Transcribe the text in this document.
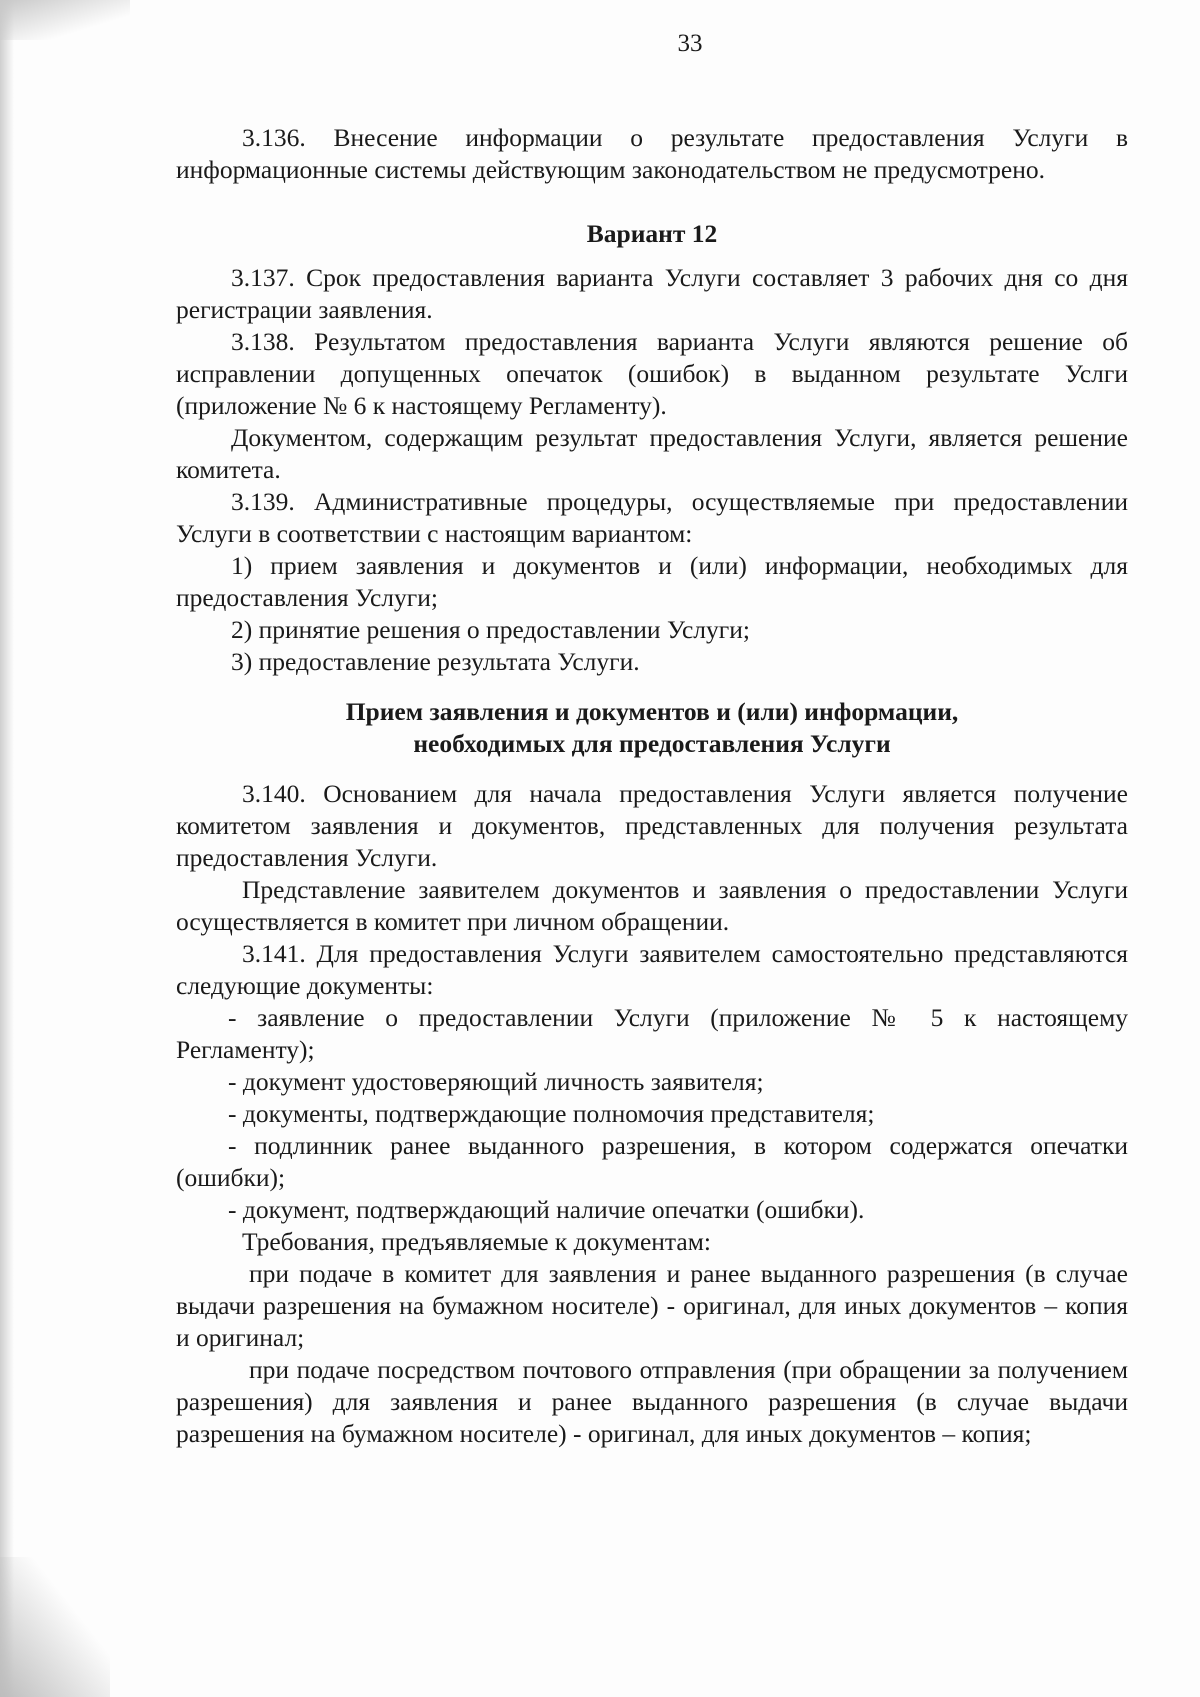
33

3.136. Внесение информации о результате предоставления Услуги в информационные системы действующим законодательством не предусмотрено.

Вариант 12

3.137. Срок предоставления варианта Услуги составляет 3 рабочих дня со дня регистрации заявления.

3.138. Результатом предоставления варианта Услуги являются решение об исправлении допущенных опечаток (ошибок) в выданном результате Услги (приложение № 6 к настоящему Регламенту).

Документом, содержащим результат предоставления Услуги, является решение комитета.

3.139. Административные процедуры, осуществляемые при предоставлении Услуги в соответствии с настоящим вариантом:

1) прием заявления и документов и (или) информации, необходимых для предоставления Услуги;

2) принятие решения о предоставлении Услуги;

3) предоставление результата Услуги.

Прием заявления и документов и (или) информации,

необходимых для предоставления Услуги

3.140. Основанием для начала предоставления Услуги является получение комитетом заявления и документов, представленных для получения результата предоставления Услуги.

Представление заявителем документов и заявления о предоставлении Услуги осуществляется в комитет при личном обращении.

3.141. Для предоставления Услуги заявителем самостоятельно представляются следующие документы:

- заявление о предоставлении Услуги (приложение № 5 к настоящему Регламенту);

- документ удостоверяющий личность заявителя;

- документы, подтверждающие полномочия представителя;

- подлинник ранее выданного разрешения, в котором содержатся опечатки (ошибки);

- документ, подтверждающий наличие опечатки (ошибки).

Требования, предъявляемые к документам:

при подаче в комитет для заявления и ранее выданного разрешения (в случае выдачи разрешения на бумажном носителе) - оригинал, для иных документов – копия и оригинал;

при подаче посредством почтового отправления (при обращении за получением разрешения) для заявления и ранее выданного разрешения (в случае выдачи разрешения на бумажном носителе) - оригинал, для иных документов – копия;
